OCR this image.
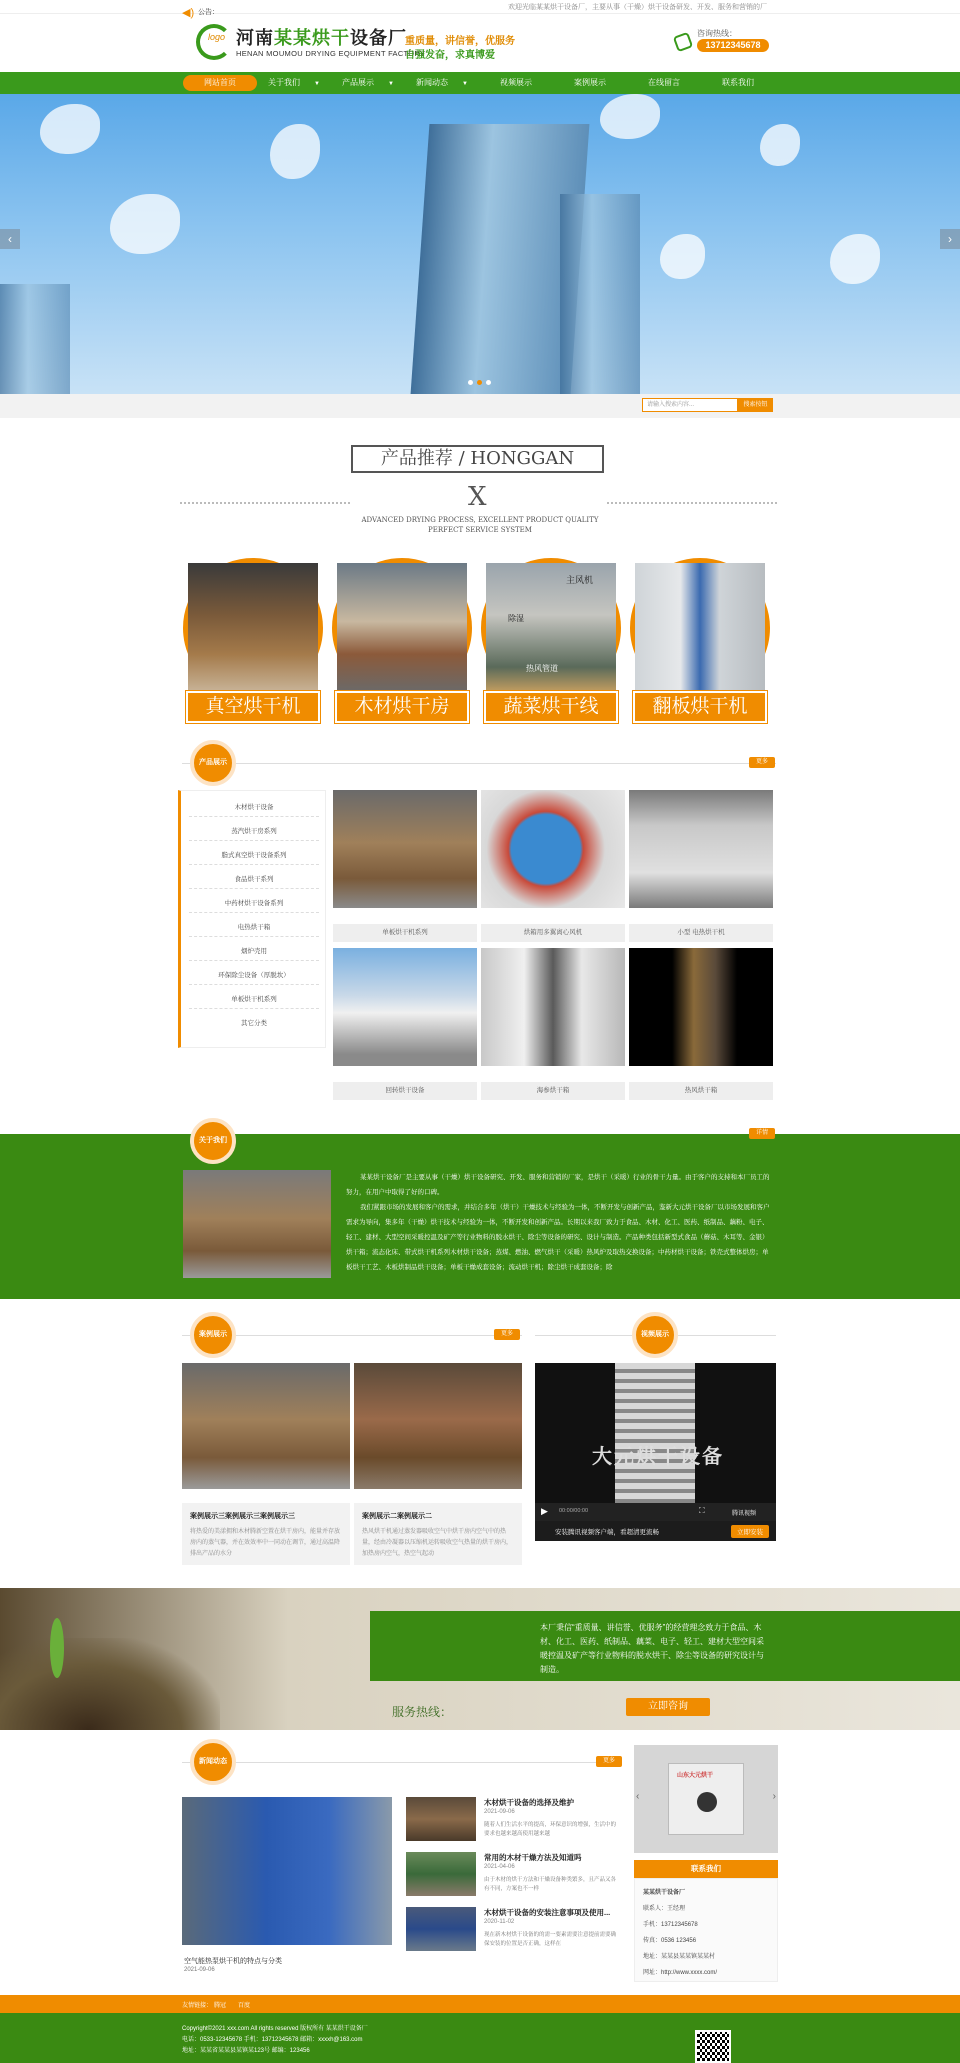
欢迎光临某某烘干设备厂，主要从事（干燥）烘干设备研发、开发、服务和营销的厂
logo 河南某某烘干设备厂
HENAN MOUMOU DRYING EQUIPMENT FACTORY
重质量，讲信誉，优服务
自强发奋，求真博爱
咨询热线：
13712345678
网站首页	关于我们 ▼	产品展示 ▼	新闻动态 ▼	视频展示	案例展示	在线留言	联系我们
‹	›
◀) 公告：
请输入搜索内容...	搜索按钮
产品推荐 / HONGGAN
X
ADVANCED DRYING PROCESS, EXCELLENT PRODUCT QUALITY
PERFECT SERVICE SYSTEM
真空烘干机	木材烘干房
主风机
除湿
热风管道
蔬菜烘干线	翻板烘干机
产品展示	更多
木材烘干设备
蒸汽烘干房系列
脂式真空烘干设备系列
食品烘干系列
中药材烘干设备系列
电热烘干箱
烟炉壳用
环保除尘设备（厚脱坎）
单板烘干机系列
其它分类
单板烘干机系列	烘箱用多翼离心风机	小型 电热烘干机
回转烘干设备	海参烘干箱	热风烘干箱
关于我们
详情

某某烘干设备厂是主要从事（干燥）烘干设备研究、开发、服务和营销的厂家，是烘干（采暖）行业的骨干力量。由于客户的支持和本厂员工的努力，在用户中取得了好的口碑。

我们紧跟市场的发展和客户的需求，并结合多年（烘干）干燥技术与经验为一体，不断开发与创新产品，鉴新大元烘干设备厂以市场发展和客户需求为导向，集多年（干燥）烘干技术与经验为一体，不断开发和创新产品。长期以来我厂致力于食品、木材、化工、医药、纸制品、藕粉、电子、轻工、建材、大型空间采暖控温及矿产等行业物料的脱水烘干、除尘等设备的研究、设计与制造。产品种类包括新型式食品（蘑菇、木耳等、金银）烘干箱；流态化床、带式烘干机系列木材烘干设备；蒸煤、燃油、燃气烘干（采暖）热风炉及取热交换设备；中药材烘干设备；铁壳式整体烘房；单板烘干工艺、木板烘制品烘干设备；单板干燥成套设备；流动烘干机；除尘烘干成套设备；除

案例展示	更多
案例展示三案例展示三案例展示三
将热爱的美漾拥和木材腾新空置在烘干房内，能量并存放房内的蒸气器，并在效效率中一同动在调节，通过高温降排出产品的水分
案例展示二案例展示二
热风烘干机通过蒸发器吸收空气中烘干房内空气中的热量，经由冷凝器以压缩机运转吸收空气热量的烘干房内，加热房内空气，热空气起动
视频展示
大元烘干设备
▶ 00:00/00:00	⛶	腾讯视频
安装腾讯视频客户端，看超清更流畅	立即安装
本厂秉信“重质量、讲信誉、优服务”的经营理念致力于食品、木材、化工、医药、纸制品、藕菜、电子、轻工、建材大型空间采暖控温及矿产等行业物料的脱水烘干、除尘等设备的研究设计与制造。
服务热线：	立即咨询
新闻动态	更多
空气能热泵烘干机的特点与分类
2021-09-06
木材烘干设备的选择及维护
2021-09-06
随着人们生活水平的提高，环保意识的增强，生活中的要求也越来越高使用越来越
常用的木材干燥方法及知道吗
2021-04-06
由于木材的烘干方法和干燥设备种类繁多，且产品又各有不同，方案也不一样
木材烘干设备的安装注意事项及使用...
2020-11-02
现在新木材烘干设备的的需一要素需要注意提前需要确保安装的位置是否正确，这样在
山东大元烘干
‹	›
联系我们
某某烘干设备厂
联系人：王经理
手机：13712345678
传真：0536 123456
地址：某某县某某镇某某村
网址：http://www.xxxx.com/
友情链接： 腾冠 百度
Copyright©2021 xxx.com All rights reserved 版权所有 某某烘干设备厂
电话：0533-12345678 手机：13712345678 邮箱：xxxxh@163.com
地址：某某省某某县某镇某123号 邮编：123456
